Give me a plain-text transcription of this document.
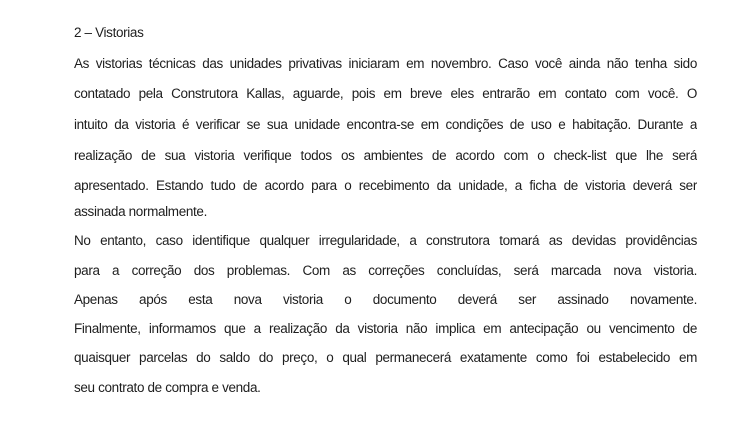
2 – Vistorias
As vistorias técnicas das unidades privativas iniciaram em novembro. Caso você ainda não tenha sido
contatado pela Construtora Kallas, aguarde, pois em breve eles entrarão em contato com você. O
intuito da vistoria é verificar se sua unidade encontra-se em condições de uso e habitação. Durante a
realização de sua vistoria verifique todos os ambientes de acordo com o check-list que lhe será
apresentado. Estando tudo de acordo para o recebimento da unidade, a ficha de vistoria deverá ser
assinada normalmente.
No entanto, caso identifique qualquer irregularidade, a construtora tomará as devidas providências
para a correção dos problemas. Com as correções concluídas, será marcada nova vistoria.
Apenas após esta nova vistoria o documento deverá ser assinado novamente.
Finalmente, informamos que a realização da vistoria não implica em antecipação ou vencimento de
quaisquer parcelas do saldo do preço, o qual permanecerá exatamente como foi estabelecido em
seu contrato de compra e venda.
